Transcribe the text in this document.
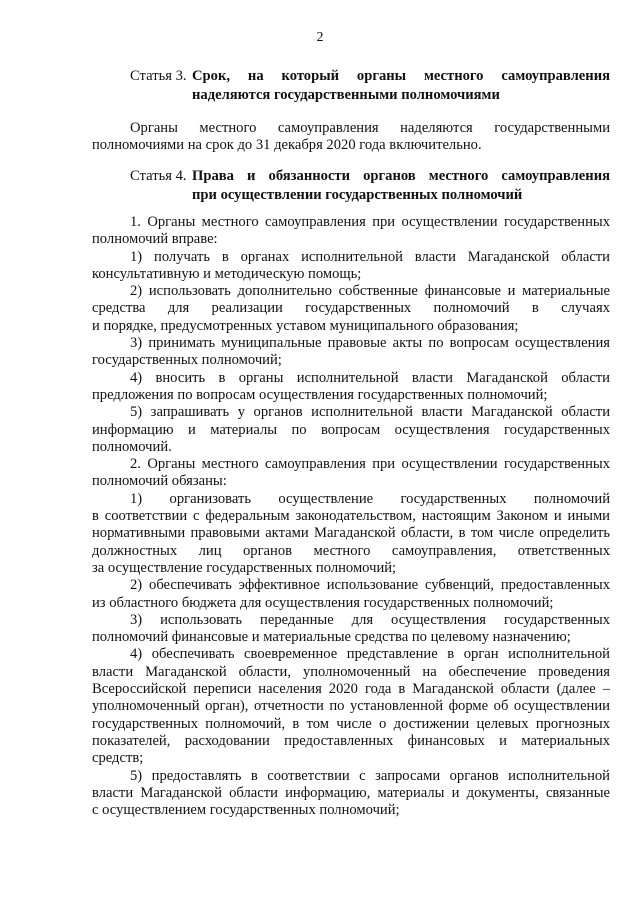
2
Статья 3. Срок, на который органы местного самоуправления
наделяются государственными полномочиями
Органы местного самоуправления наделяются государственными
полномочиями на срок до 31 декабря 2020 года включительно.
Статья 4. Права и обязанности органов местного самоуправления
при осуществлении государственных полномочий
1. Органы местного самоуправления при осуществлении государственных
полномочий вправе:
1) получать в органах исполнительной власти Магаданской области
консультативную и методическую помощь;
2) использовать дополнительно собственные финансовые и материальные
средства для реализации государственных полномочий в случаях
и порядке, предусмотренных уставом муниципального образования;
3) принимать муниципальные правовые акты по вопросам осуществления
государственных полномочий;
4) вносить в органы исполнительной власти Магаданской области
предложения по вопросам осуществления государственных полномочий;
5) запрашивать у органов исполнительной власти Магаданской области
информацию и материалы по вопросам осуществления государственных
полномочий.
2. Органы местного самоуправления при осуществлении государственных
полномочий обязаны:
1) организовать осуществление государственных полномочий
в соответствии с федеральным законодательством, настоящим Законом и иными
нормативными правовыми актами Магаданской области, в том числе определить
должностных лиц органов местного самоуправления, ответственных
за осуществление государственных полномочий;
2) обеспечивать эффективное использование субвенций, предоставленных
из областного бюджета для осуществления государственных полномочий;
3) использовать переданные для осуществления государственных
полномочий финансовые и материальные средства по целевому назначению;
4) обеспечивать своевременное представление в орган исполнительной
власти Магаданской области, уполномоченный на обеспечение проведения
Всероссийской переписи населения 2020 года в Магаданской области (далее –
уполномоченный орган), отчетности по установленной форме об осуществлении
государственных полномочий, в том числе о достижении целевых прогнозных
показателей, расходовании предоставленных финансовых и материальных
средств;
5) предоставлять в соответствии с запросами органов исполнительной
власти Магаданской области информацию, материалы и документы, связанные
с осуществлением государственных полномочий;
